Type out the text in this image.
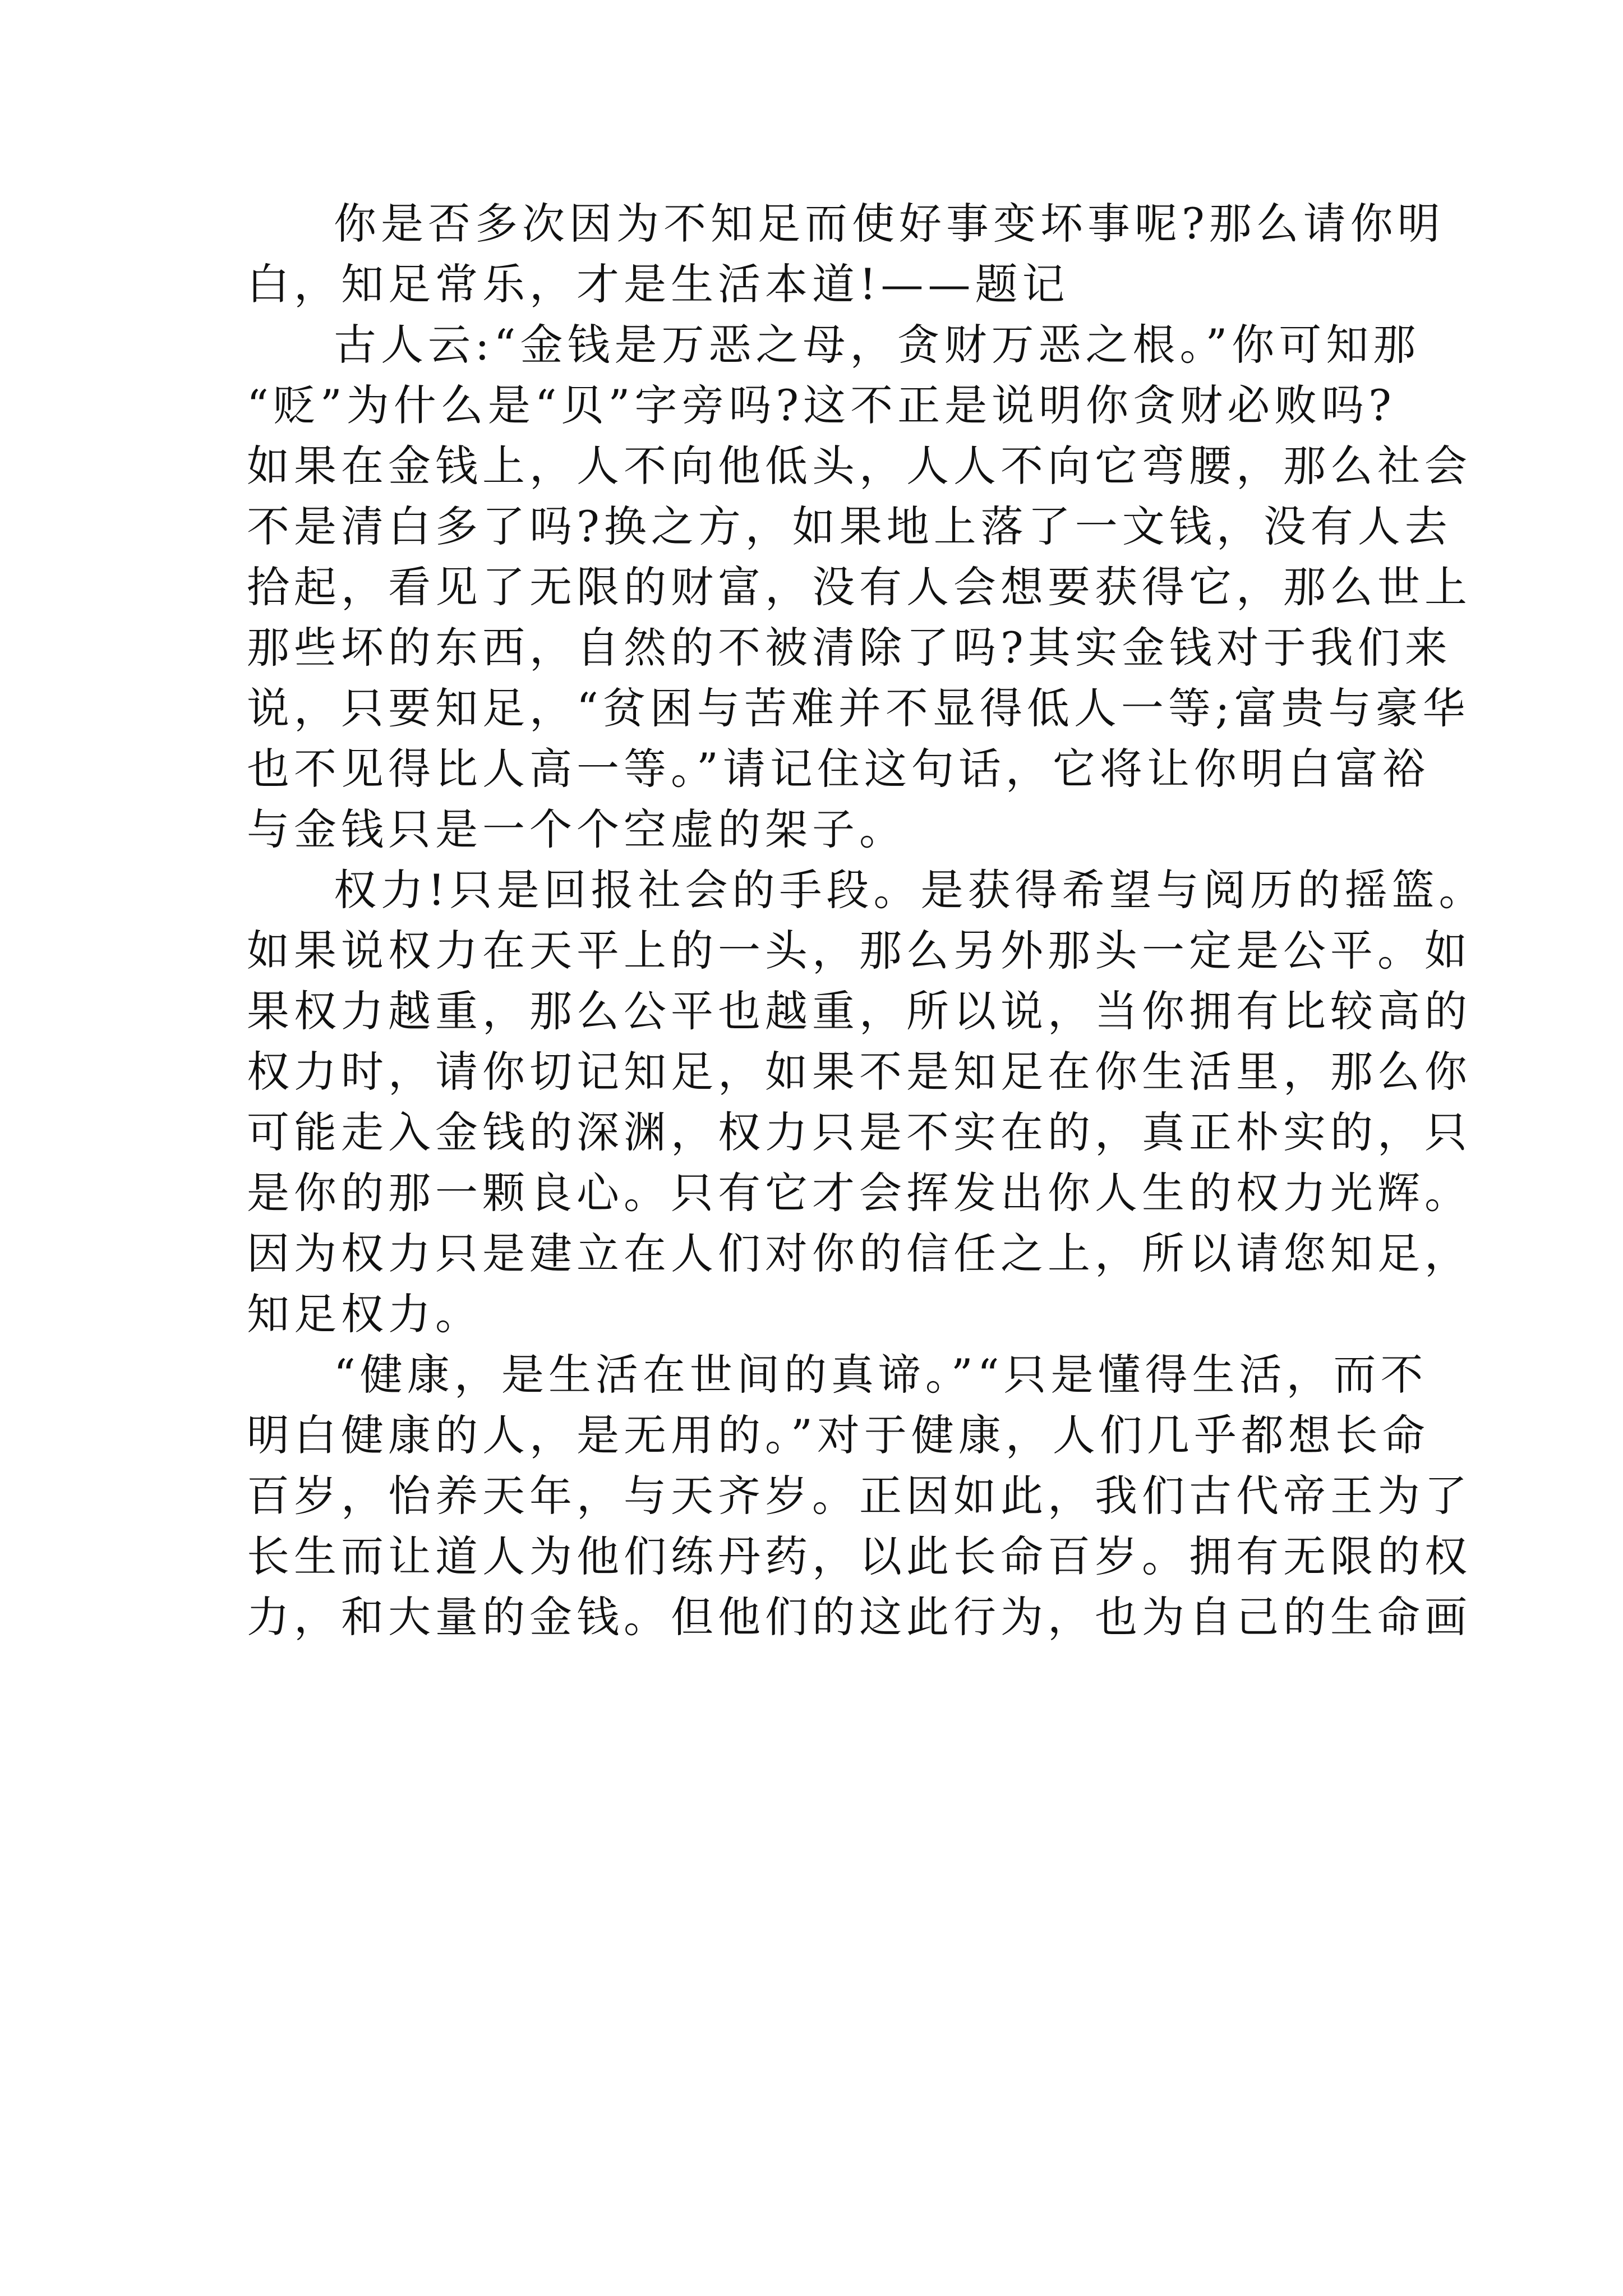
你是否多次因为不知足而使好事变坏事呢?那么请你明
白，知足常乐，才是生活本道!——题记
古人云:“金钱是万恶之母，贪财万恶之根。”你可知那
“贬”为什么是“贝”字旁吗?这不正是说明你贪财必败吗?
如果在金钱上，人不向他低头，人人不向它弯腰，那么社会
不是清白多了吗?换之方，如果地上落了一文钱，没有人去
拾起，看见了无限的财富，没有人会想要获得它，那么世上
那些坏的东西，自然的不被清除了吗?其实金钱对于我们来
说，只要知足，“贫困与苦难并不显得低人一等;富贵与豪华
也不见得比人高一等。”请记住这句话，它将让你明白富裕
与金钱只是一个个空虚的架子。
权力!只是回报社会的手段。是获得希望与阅历的摇篮。
如果说权力在天平上的一头，那么另外那头一定是公平。如
果权力越重，那么公平也越重，所以说，当你拥有比较高的
权力时，请你切记知足，如果不是知足在你生活里，那么你
可能走入金钱的深渊，权力只是不实在的，真正朴实的，只
是你的那一颗良心。只有它才会挥发出你人生的权力光辉。
因为权力只是建立在人们对你的信任之上，所以请您知足，
知足权力。
“健康，是生活在世间的真谛。”“只是懂得生活，而不
明白健康的人，是无用的。”对于健康，人们几乎都想长命
百岁，怡养天年，与天齐岁。正因如此，我们古代帝王为了
长生而让道人为他们练丹药，以此长命百岁。拥有无限的权
力，和大量的金钱。但他们的这此行为，也为自己的生命画
